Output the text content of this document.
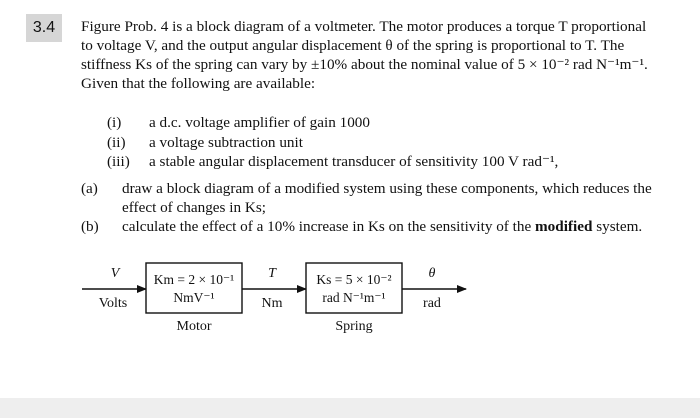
3.4	Figure Prob. 4 is a block diagram of a voltmeter. The motor produces a torque T proportional
to voltage V, and the output angular displacement θ of the spring is proportional to T. The
stiffness Ks of the spring can vary by ±10% about the nominal value of 5 × 10⁻² rad N⁻¹m⁻¹.
Given that the following are available:
(i) a d.c. voltage amplifier of gain 1000
(ii) a voltage subtraction unit
(iii) a stable angular displacement transducer of sensitivity 100 V rad⁻¹,
(a) draw a block diagram of a modified system using these components, which reduces the
effect of changes in Ks;
(b) calculate the effect of a 10% increase in Ks on the sensitivity of the modified system.
V
Volts
Km = 2 × 10⁻¹
NmV⁻¹
Motor
T
Nm
Ks = 5 × 10⁻²
rad N⁻¹m⁻¹
Spring
θ
rad
